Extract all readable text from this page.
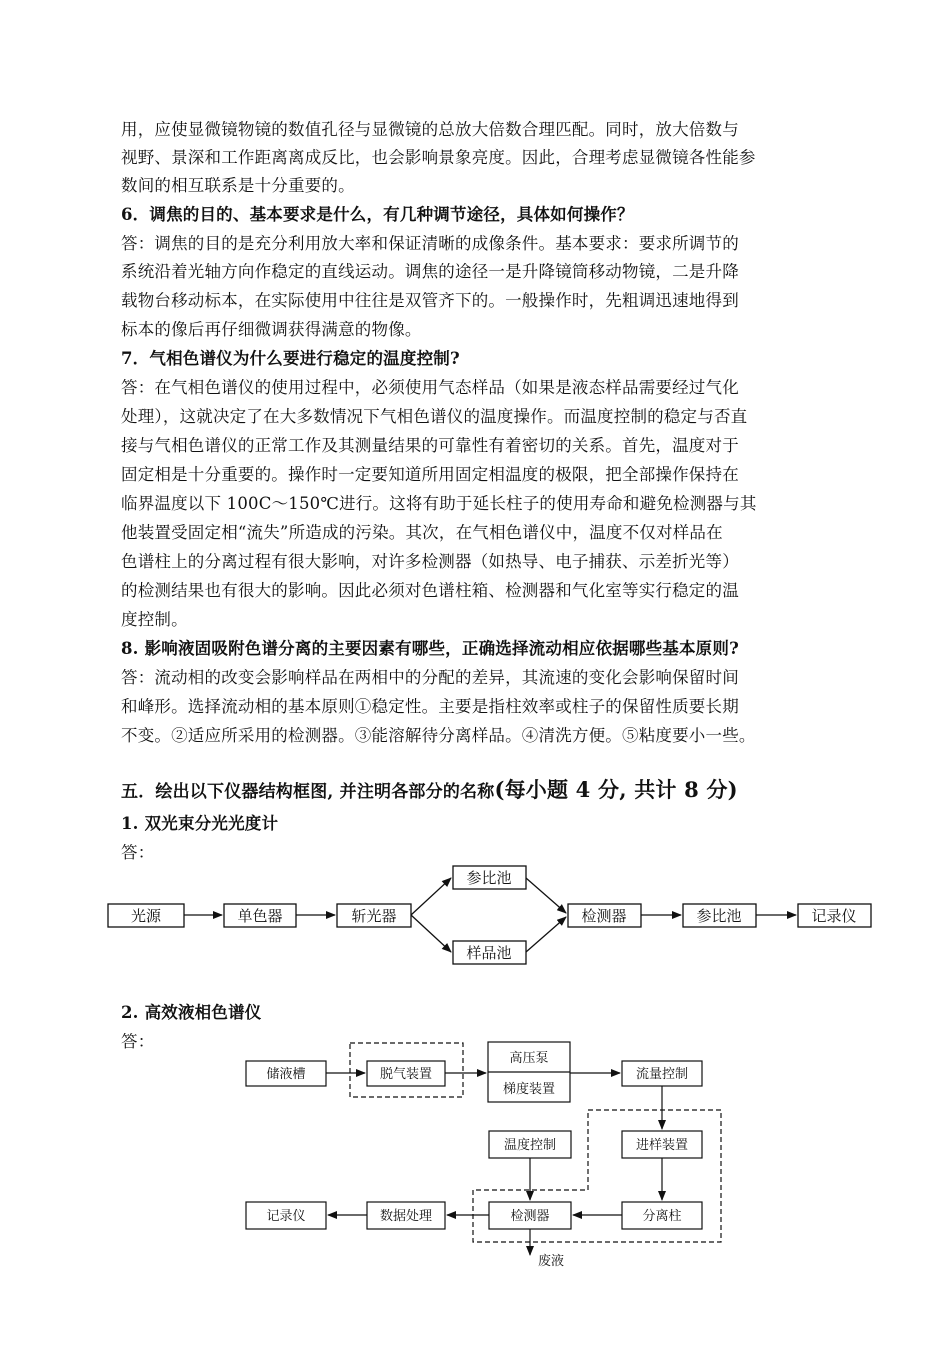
用，应使显微镜物镜的数值孔径与显微镜的总放大倍数合理匹配。同时，放大倍数与
视野、景深和工作距离离成反比，也会影响景象亮度。因此，合理考虑显微镜各性能参
数间的相互联系是十分重要的。
6．调焦的目的、基本要求是什么，有几种调节途径，具体如何操作？
答：调焦的目的是充分利用放大率和保证清晰的成像条件。基本要求：要求所调节的
系统沿着光轴方向作稳定的直线运动。调焦的途径一是升降镜筒移动物镜，二是升降
载物台移动标本，在实际使用中往往是双管齐下的。一般操作时，先粗调迅速地得到
标本的像后再仔细微调获得满意的物像。
7．气相色谱仪为什么要进行稳定的温度控制?
答：在气相色谱仪的使用过程中，必须使用气态样品（如果是液态样品需要经过气化
处理），这就决定了在大多数情况下气相色谱仪的温度操作。而温度控制的稳定与否直
接与气相色谱仪的正常工作及其测量结果的可靠性有着密切的关系。首先，温度对于
固定相是十分重要的。操作时一定要知道所用固定相温度的极限，把全部操作保持在
临界温度以下 100C～150℃进行。这将有助于延长柱子的使用寿命和避免检测器与其
他装置受固定相“流失”所造成的污染。其次，在气相色谱仪中，温度不仅对样品在
色谱柱上的分离过程有很大影响，对许多检测器（如热导、电子捕获、示差折光等）
的检测结果也有很大的影响。因此必须对色谱柱箱、检测器和气化室等实行稳定的温
度控制。
8. 影响液固吸附色谱分离的主要因素有哪些，正确选择流动相应依据哪些基本原则?
答：流动相的改变会影响样品在两相中的分配的差异，其流速的变化会影响保留时间
和峰形。选择流动相的基本原则①稳定性。主要是指柱效率或柱子的保留性质要长期
不变。②适应所采用的检测器。③能溶解待分离样品。④清洗方便。⑤粘度要小一些。
五．绘出以下仪器结构框图, 并注明各部分的名称(每小题 4 分, 共计 8 分)
1. 双光束分光光度计
答：
光源	单色器	斩光器
参比池
样品池
检测器	参比池	记录仪
2. 高效液相色谱仪
答：
储液槽	脱气装置
高压泵
梯度装置
流量控制
温度控制	进样装置
记录仪	数据处理	检测器	分离柱
废液
